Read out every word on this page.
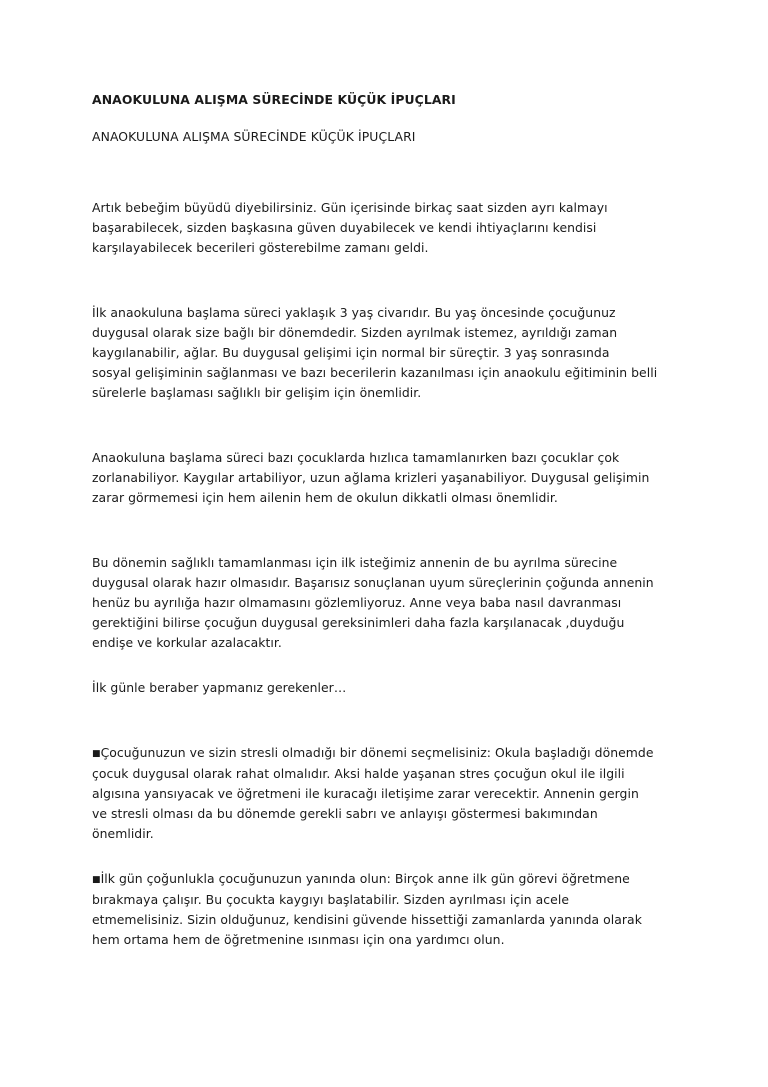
ANAOKULUNA ALIŞMA SÜRECİNDE KÜÇÜK İPUÇLARI

ANAOKULUNA ALIŞMA SÜRECİNDE KÜÇÜK İPUÇLARI

Artık bebeğim büyüdü diyebilirsiniz. Gün içerisinde birkaç saat sizden ayrı kalmayı
başarabilecek, sizden başkasına güven duyabilecek ve kendi ihtiyaçlarını kendisi
karşılayabilecek becerileri gösterebilme zamanı geldi.

İlk anaokuluna başlama süreci yaklaşık 3 yaş civarıdır. Bu yaş öncesinde çocuğunuz
duygusal olarak size bağlı bir dönemdedir. Sizden ayrılmak istemez, ayrıldığı zaman
kaygılanabilir, ağlar. Bu duygusal gelişimi için normal bir süreçtir. 3 yaş sonrasında
sosyal gelişiminin sağlanması ve bazı becerilerin kazanılması için anaokulu eğitiminin belli
sürelerle başlaması sağlıklı bir gelişim için önemlidir.

Anaokuluna başlama süreci bazı çocuklarda hızlıca tamamlanırken bazı çocuklar çok
zorlanabiliyor. Kaygılar artabiliyor, uzun ağlama krizleri yaşanabiliyor. Duygusal gelişimin
zarar görmemesi için hem ailenin hem de okulun dikkatli olması önemlidir.

Bu dönemin sağlıklı tamamlanması için ilk isteğimiz annenin de bu ayrılma sürecine
duygusal olarak hazır olmasıdır. Başarısız sonuçlanan uyum süreçlerinin çoğunda annenin
henüz bu ayrılığa hazır olmamasını gözlemliyoruz. Anne veya baba nasıl davranması
gerektiğini bilirse çocuğun duygusal gereksinimleri daha fazla karşılanacak ,duyduğu
endişe ve korkular azalacaktır.

İlk günle beraber yapmanız gerekenler…

■Çocuğunuzun ve sizin stresli olmadığı bir dönemi seçmelisiniz: Okula başladığı dönemde
çocuk duygusal olarak rahat olmalıdır. Aksi halde yaşanan stres çocuğun okul ile ilgili
algısına yansıyacak ve öğretmeni ile kuracağı iletişime zarar verecektir. Annenin gergin
ve stresli olması da bu dönemde gerekli sabrı ve anlayışı göstermesi bakımından
önemlidir.

■İlk gün çoğunlukla çocuğunuzun yanında olun: Birçok anne ilk gün görevi öğretmene
bırakmaya çalışır. Bu çocukta kaygıyı başlatabilir. Sizden ayrılması için acele
etmemelisiniz. Sizin olduğunuz, kendisini güvende hissettiği zamanlarda yanında olarak
hem ortama hem de öğretmenine ısınması için ona yardımcı olun.
